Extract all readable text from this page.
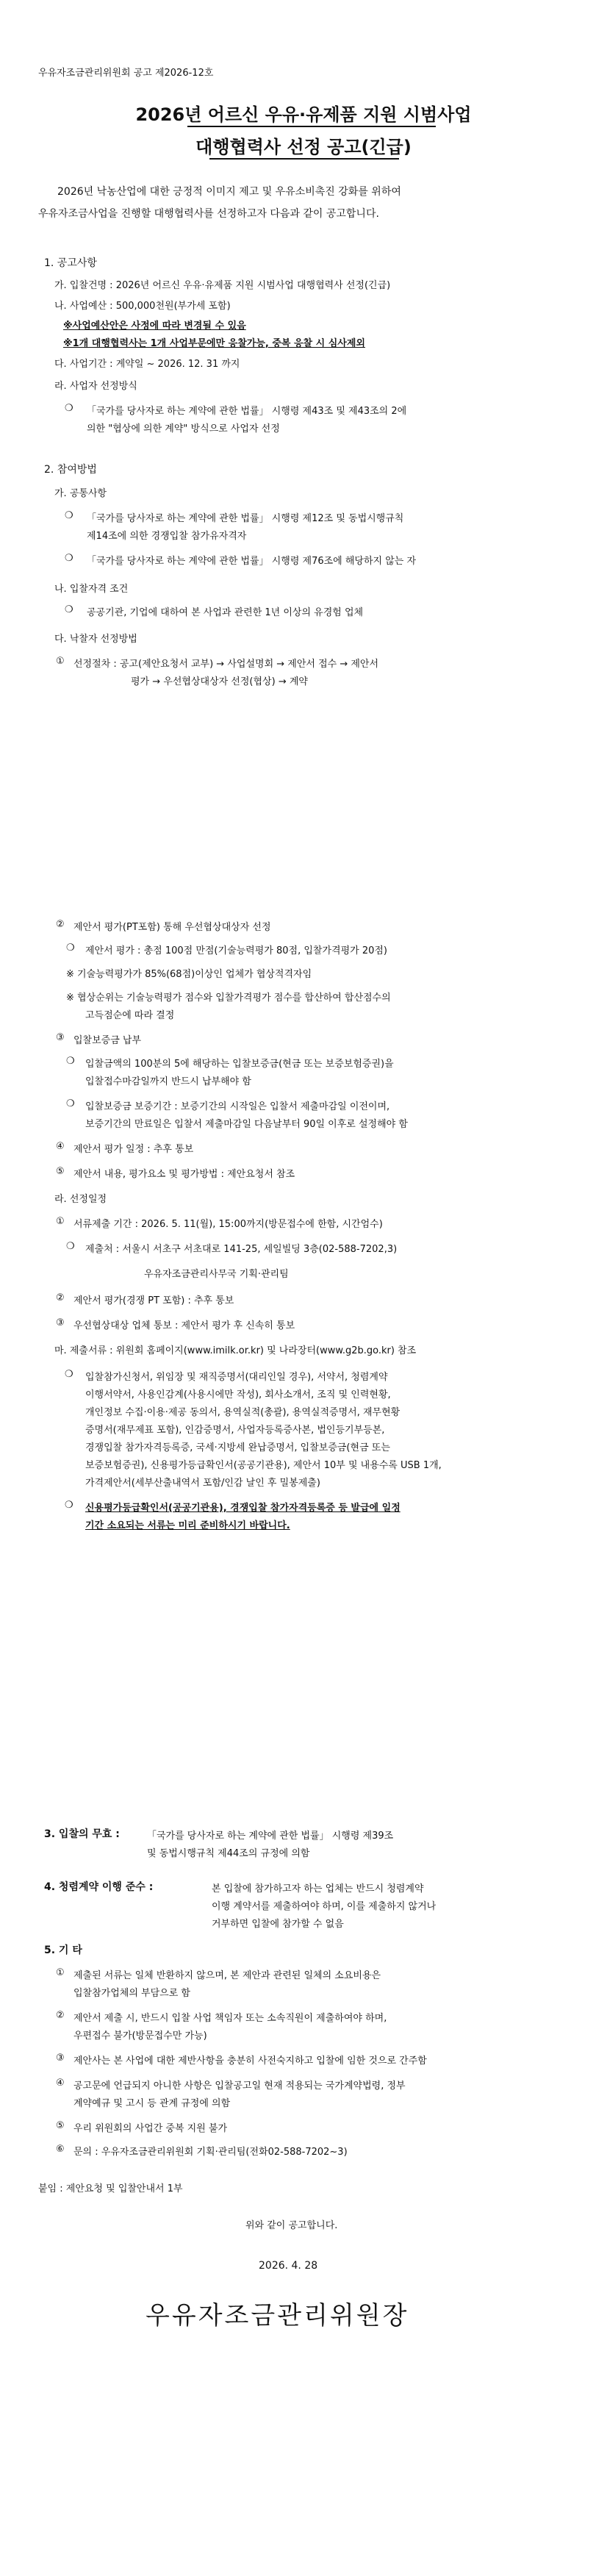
우유자조금관리위원회 공고 제2026-12호
2026년 어르신 우유·유제품 지원 시범사업
대행협력사 선정 공고(긴급)
2026년 낙농산업에 대한 긍정적 이미지 제고 및 우유소비촉진 강화를 위하여
우유자조금사업을 진행할 대행협력사를 선정하고자 다음과 같이 공고합니다.
1. 공고사항
가. 입찰건명 : 2026년 어르신 우유·유제품 지원 시범사업 대행협력사 선정(긴급)
나. 사업예산 : 500,000천원(부가세 포함)
※사업예산안은 사정에 따라 변경될 수 있음
※1개 대행협력사는 1개 사업부문에만 응찰가능, 중복 응찰 시 심사제외
다. 사업기간 : 계약일 ~ 2026. 12. 31 까지
라. 사업자 선정방식
❍ 「국가를 당사자로 하는 계약에 관한 법률」 시행령 제43조 및 제43조의 2에
의한 "협상에 의한 계약" 방식으로 사업자 선정
2. 참여방법
가. 공통사항
❍ 「국가를 당사자로 하는 계약에 관한 법률」 시행령 제12조 및 동법시행규칙
제14조에 의한 경쟁입찰 참가유자격자
❍ 「국가를 당사자로 하는 계약에 관한 법률」 시행령 제76조에 해당하지 않는 자
나. 입찰자격 조건
❍ 공공기관, 기업에 대하여 본 사업과 관련한 1년 이상의 유경험 업체
다. 낙찰자 선정방법
① 선정절차 : 공고(제안요청서 교부) → 사업설명회 → 제안서 접수 → 제안서
평가 → 우선협상대상자 선정(협상) → 계약
② 제안서 평가(PT포함) 통해 우선협상대상자 선정
❍ 제안서 평가 : 총점 100점 만점(기술능력평가 80점, 입찰가격평가 20점)
※ 기술능력평가가 85%(68점)이상인 업체가 협상적격자임
※ 협상순위는 기술능력평가 점수와 입찰가격평가 점수를 합산하여 합산점수의
고득점순에 따라 결정
③ 입찰보증금 납부
❍ 입찰금액의 100분의 5에 해당하는 입찰보증금(현금 또는 보증보험증권)을
입찰접수마감일까지 반드시 납부해야 함
❍ 입찰보증금 보증기간 : 보증기간의 시작일은 입찰서 제출마감일 이전이며,
보증기간의 만료일은 입찰서 제출마감일 다음날부터 90일 이후로 설정해야 함
④ 제안서 평가 일정 : 추후 통보
⑤ 제안서 내용, 평가요소 및 평가방법 : 제안요청서 참조
라. 선정일정
① 서류제출 기간 : 2026. 5. 11(월), 15:00까지(방문접수에 한함, 시간엄수)
❍ 제출처 : 서울시 서초구 서초대로 141-25, 세일빌딩 3층(02-588-7202,3)
우유자조금관리사무국 기획·관리팀
② 제안서 평가(경쟁 PT 포함) : 추후 통보
③ 우선협상대상 업체 통보 : 제안서 평가 후 신속히 통보
마. 제출서류 : 위원회 홈페이지(www.imilk.or.kr) 및 나라장터(www.g2b.go.kr) 참조
❍ 입찰참가신청서, 위임장 및 재직증명서(대리인일 경우), 서약서, 청렴계약
이행서약서, 사용인감계(사용시에만 작성), 회사소개서, 조직 및 인력현황,
개인정보 수집·이용·제공 동의서, 용역실적(총괄), 용역실적증명서, 재무현황
증명서(재무제표 포함), 인감증명서, 사업자등록증사본, 법인등기부등본,
경쟁입찰 참가자격등록증, 국세·지방세 완납증명서, 입찰보증금(현금 또는
보증보험증권), 신용평가등급확인서(공공기관용), 제안서 10부 및 내용수록 USB 1개,
가격제안서(세부산출내역서 포함/인감 날인 후 밀봉제출)
❍ 신용평가등급확인서(공공기관용), 경쟁입찰 참가자격등록증 등 발급에 일정
기간 소요되는 서류는 미리 준비하시기 바랍니다.
3. 입찰의 무효 :	「국가를 당사자로 하는 계약에 관한 법률」 시행령 제39조
및 동법시행규칙 제44조의 규정에 의함
4. 청렴계약 이행 준수 :	본 입찰에 참가하고자 하는 업체는 반드시 청렴계약
이행 계약서를 제출하여야 하며, 이를 제출하지 않거나
거부하면 입찰에 참가할 수 없음
5. 기 타
① 제출된 서류는 일체 반환하지 않으며, 본 제안과 관련된 일체의 소요비용은
입찰참가업체의 부담으로 함
② 제안서 제출 시, 반드시 입찰 사업 책임자 또는 소속직원이 제출하여야 하며,
우편접수 불가(방문접수만 가능)
③ 제안사는 본 사업에 대한 제반사항을 충분히 사전숙지하고 입찰에 임한 것으로 간주함
④ 공고문에 언급되지 아니한 사항은 입찰공고일 현재 적용되는 국가계약법령, 정부
계약예규 및 고시 등 관계 규정에 의함
⑤ 우리 위원회의 사업간 중복 지원 불가
⑥ 문의 : 우유자조금관리위원회 기획·관리팀(전화02-588-7202~3)
붙임 : 제안요청 및 입찰안내서 1부
위와 같이 공고합니다.
2026. 4. 28
우유자조금관리위원장
